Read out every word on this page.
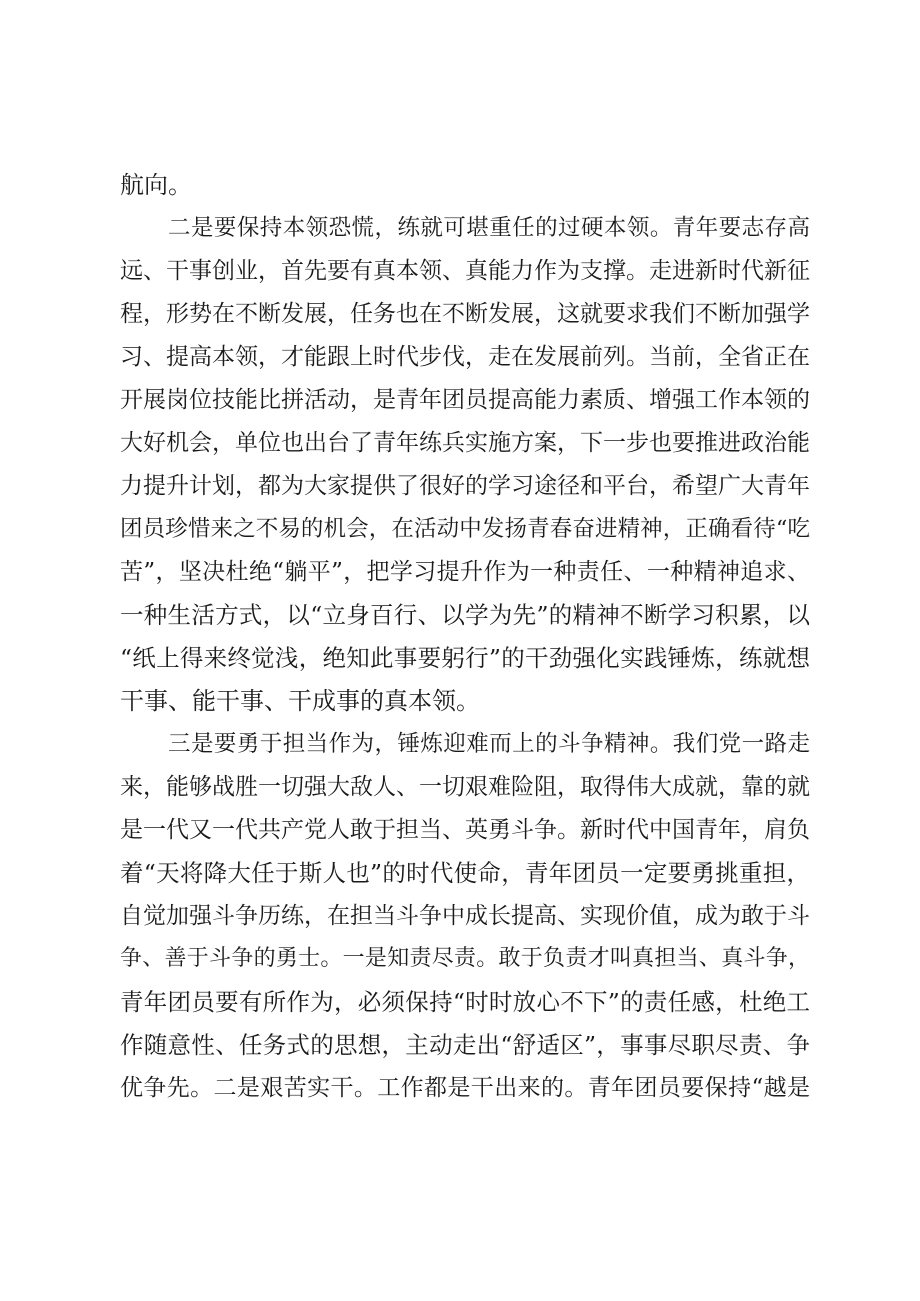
航向。
二是要保持本领恐慌，练就可堪重任的过硬本领。青年要志存高
远、干事创业，首先要有真本领、真能力作为支撑。走进新时代新征
程，形势在不断发展，任务也在不断发展，这就要求我们不断加强学
习、提高本领，才能跟上时代步伐，走在发展前列。当前，全省正在
开展岗位技能比拼活动，是青年团员提高能力素质、增强工作本领的
大好机会，单位也出台了青年练兵实施方案，下一步也要推进政治能
力提升计划，都为大家提供了很好的学习途径和平台，希望广大青年
团员珍惜来之不易的机会，在活动中发扬青春奋进精神，正确看待“吃
苦”，坚决杜绝“躺平”，把学习提升作为一种责任、一种精神追求、
一种生活方式，以“立身百行、以学为先”的精神不断学习积累，以
“纸上得来终觉浅，绝知此事要躬行”的干劲强化实践锤炼，练就想
干事、能干事、干成事的真本领。
三是要勇于担当作为，锤炼迎难而上的斗争精神。我们党一路走
来，能够战胜一切强大敌人、一切艰难险阻，取得伟大成就，靠的就
是一代又一代共产党人敢于担当、英勇斗争。新时代中国青年，肩负
着“天将降大任于斯人也”的时代使命，青年团员一定要勇挑重担，
自觉加强斗争历练，在担当斗争中成长提高、实现价值，成为敢于斗
争、善于斗争的勇士。一是知责尽责。敢于负责才叫真担当、真斗争，
青年团员要有所作为，必须保持“时时放心不下”的责任感，杜绝工
作随意性、任务式的思想，主动走出“舒适区”，事事尽职尽责、争
优争先。二是艰苦实干。工作都是干出来的。青年团员要保持“越是
